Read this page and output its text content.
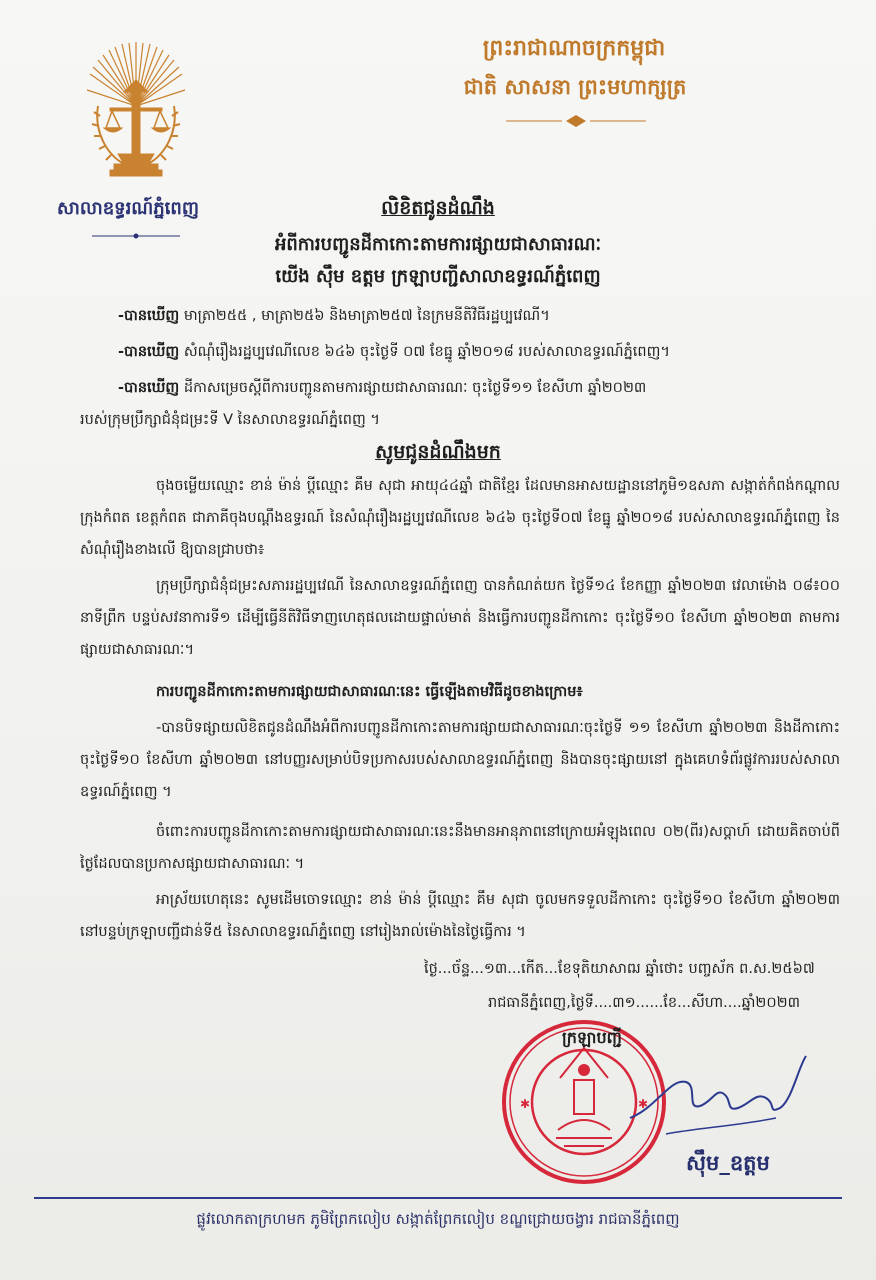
សាលាឧទ្ធរណ៍ភ្នំពេញ

ព្រះរាជាណាចក្រកម្ពុជា

ជាតិ សាសនា ព្រះមហាក្សត្រ

លិខិតជូនដំណឹង

អំពីការបញ្ជូនដីកាកោះតាមការផ្សាយជាសាធារណៈ

យើង ស៊ឹម ឧត្តម ក្រឡាបញ្ជីសាលាឧទ្ធរណ៍ភ្នំពេញ

-បានឃើញ មាត្រា២៥៥ , មាត្រា២៥៦ និងមាត្រា២៥៧ នៃក្រមនីតិវិធីរដ្ឋប្បវេណី។

-បានឃើញ សំណុំរឿងរដ្ឋប្បវេណីលេខ ៦៤៦ ចុះថ្ងៃទី ០៧ ខែធ្នូ ឆ្នាំ២០១៨ របស់សាលាឧទ្ធរណ៍ភ្នំពេញ។

-បានឃើញ ដីកាសម្រេចស្តីពីការបញ្ជូនតាមការផ្សាយជាសាធារណៈ ចុះថ្ងៃទី១១ ខែសីហា ឆ្នាំ២០២៣

របស់ក្រុមប្រឹក្សាជំនុំជម្រះទី V នៃសាលាឧទ្ធរណ៍ភ្នំពេញ ។

សូមជូនដំណឹងមក

ចុងចម្លើយឈ្មោះ ខាន់ ម៉ាន់ ប្តីឈ្មោះ គឹម សុជា អាយុ៤៤ឆ្នាំ ជាតិខ្មែរ ដែលមានអាសយដ្ឋាននៅភូមិ១ឧសភា សង្កាត់កំពង់កណ្តាល ក្រុងកំពត ខេត្តកំពត ជាភាគីចុងបណ្តឹងឧទ្ធរណ៍ នៃសំណុំរឿងរដ្ឋប្បវេណីលេខ ៦៤៦ ចុះថ្ងៃទី០៧ ខែធ្នូ ឆ្នាំ២០១៨ របស់សាលាឧទ្ធរណ៍ភ្នំពេញ នៃសំណុំរឿងខាងលើ ឱ្យបានជ្រាបថា៖

ក្រុមប្រឹក្សាជំនុំជម្រះសភាររដ្ឋប្បវេណី នៃសាលាឧទ្ធរណ៍ភ្នំពេញ បានកំណត់យក ថ្ងៃទី១៤ ខែកញ្ញា ឆ្នាំ២០២៣ វេលាម៉ោង ០៨៖០០ នាទីព្រឹក បន្ទប់សវនាការទី១ ដើម្បីធ្វើនីតិវិធីទាញហេតុផលដោយផ្ទាល់មាត់ និងធ្វើការបញ្ជូនដីកាកោះ ចុះថ្ងៃទី១០ ខែសីហា ឆ្នាំ២០២៣ តាមការផ្សាយជាសាធារណៈ។

ការបញ្ជូនដីកាកោះតាមការផ្សាយជាសាធារណៈនេះ ធ្វើឡើងតាមវិធីដូចខាងក្រោម៖

-បានបិទផ្សាយលិខិតជូនដំណឹងអំពីការបញ្ជូនដីកាកោះតាមការផ្សាយជាសាធារណៈចុះថ្ងៃទី ១១ ខែសីហា ឆ្នាំ២០២៣ និងដីកាកោះចុះថ្ងៃទី១០ ខែសីហា ឆ្នាំ២០២៣ នៅបញ្ញរសម្រាប់បិទប្រកាសរបស់សាលាឧទ្ធរណ៍ភ្នំពេញ និងបានចុះផ្សាយនៅ ក្នុងគេហទំព័រផ្លូវការរបស់សាលាឧទ្ធរណ៍ភ្នំពេញ ។

ចំពោះការបញ្ជូនដីកាកោះតាមការផ្សាយជាសាធារណៈនេះនឹងមានអានុភាពនៅក្រោយអំឡុងពេល ០២(ពីរ)សប្តាហ៍ ដោយគិតចាប់ពីថ្ងៃដែលបានប្រកាសផ្សាយជាសាធារណៈ ។

អាស្រ័យហេតុនេះ សូមដើមចោទឈ្មោះ ខាន់ ម៉ាន់ ប្តីឈ្មោះ គឹម សុជា ចូលមកទទួលដីកាកោះ ចុះថ្ងៃទី១០ ខែសីហា ឆ្នាំ២០២៣ នៅបន្ទប់ក្រឡាបញ្ជីជាន់ទី៥ នៃសាលាឧទ្ធរណ៍ភ្នំពេញ នៅរៀងរាល់ម៉ោងនៃថ្ងៃធ្វើការ ។

ថ្ងៃ...ច័ន្ទ...១៣...កើត...ខែទុតិយាសាឍ ឆ្នាំថោះ បញ្ចស័ក ព.ស.២៥៦៧

រាជធានីភ្នំពេញ,ថ្ងៃទី....៣១......ខែ...សីហា....ឆ្នាំ២០២៣

✱	✱

ក្រឡាបញ្ជី

ស៊ឹម_ឧត្តម

ផ្លូវលោកតាក្រហមក ភូមិព្រែកលៀប សង្កាត់ព្រែកលៀប ខណ្ឌជ្រោយចង្វារ រាជធានីភ្នំពេញ
